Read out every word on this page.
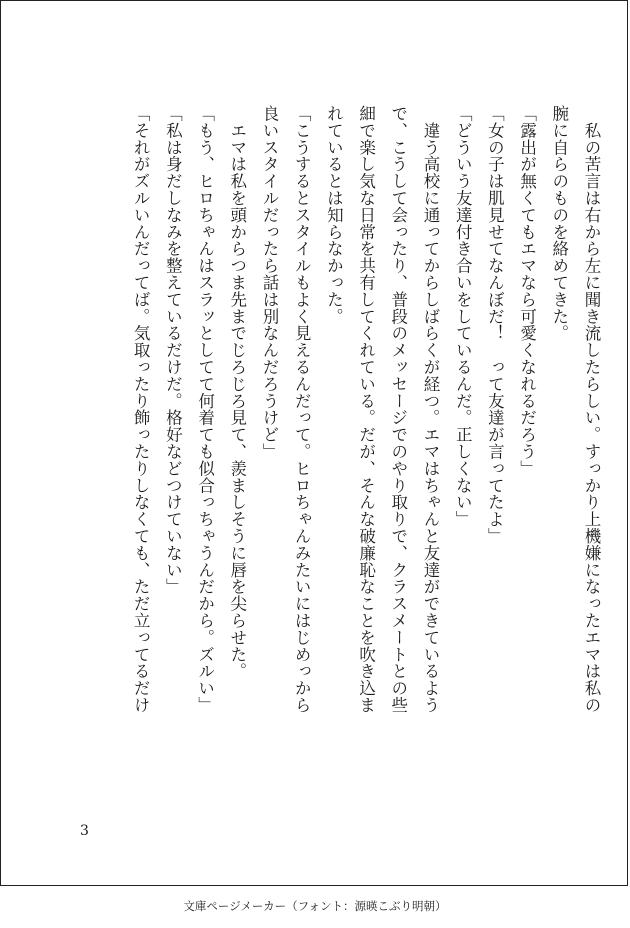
　私の苦言は右から左に聞き流したらしい。すっかり上機嫌になったエマは私の
腕に自らのものを絡めてきた。
「露出が無くてもエマなら可愛くなれるだろう」
「女の子は肌見せてなんぼだ！　って友達が言ってたよ」
「どういう友達付き合いをしているんだ。正しくない」
　違う高校に通ってからしばらくが経つ。エマはちゃんと友達ができているよう
で、こうして会ったり、普段のメッセージでのやり取りで、クラスメートとの些
細で楽し気な日常を共有してくれている。だが、そんな破廉恥なことを吹き込ま
れているとは知らなかった。
「こうするとスタイルもよく見えるんだって。ヒロちゃんみたいにはじめっから
良いスタイルだったら話は別なんだろうけど」
　エマは私を頭からつま先までじろじろ見て、羨ましそうに唇を尖らせた。
「もう、ヒロちゃんはスラッとしてて何着ても似合っちゃうんだから。ズルい」
「私は身だしなみを整えているだけだ。格好などつけていない」
「それがズルいんだってば。気取ったり飾ったりしなくても、ただ立ってるだけ
3
文庫ページメーカー（フォント：源暎こぶり明朝）
